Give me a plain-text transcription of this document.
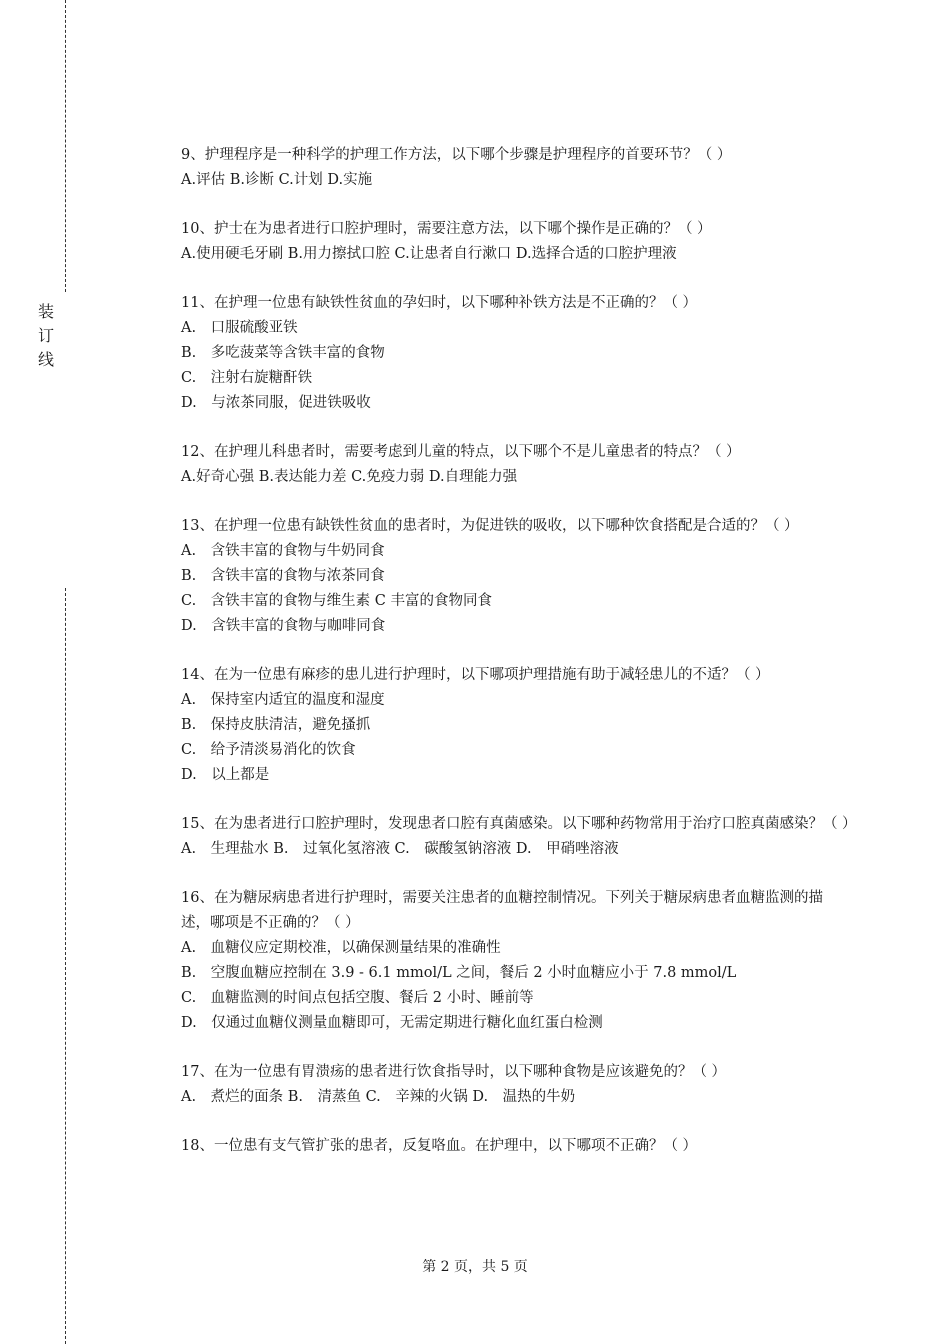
装
订
线

9、护理程序是一种科学的护理工作方法，以下哪个步骤是护理程序的首要环节？（ ）

A.评估 B.诊断 C.计划 D.实施

10、护士在为患者进行口腔护理时，需要注意方法，以下哪个操作是正确的？（ ）

A.使用硬毛牙刷 B.用力擦拭口腔 C.让患者自行漱口 D.选择合适的口腔护理液

11、在护理一位患有缺铁性贫血的孕妇时，以下哪种补铁方法是不正确的？（ ）

A.　口服硫酸亚铁

B.　多吃菠菜等含铁丰富的食物

C.　注射右旋糖酐铁

D.　与浓茶同服，促进铁吸收

12、在护理儿科患者时，需要考虑到儿童的特点，以下哪个不是儿童患者的特点？（ ）

A.好奇心强 B.表达能力差 C.免疫力弱 D.自理能力强

13、在护理一位患有缺铁性贫血的患者时，为促进铁的吸收，以下哪种饮食搭配是合适的？（ ）

A.　含铁丰富的食物与牛奶同食

B.　含铁丰富的食物与浓茶同食

C.　含铁丰富的食物与维生素 C 丰富的食物同食

D.　含铁丰富的食物与咖啡同食

14、在为一位患有麻疹的患儿进行护理时，以下哪项护理措施有助于减轻患儿的不适？（ ）

A.　保持室内适宜的温度和湿度

B.　保持皮肤清洁，避免搔抓

C.　给予清淡易消化的饮食

D.　以上都是

15、在为患者进行口腔护理时，发现患者口腔有真菌感染。以下哪种药物常用于治疗口腔真菌感染？（ ）

A.　生理盐水 B.　过氧化氢溶液 C.　碳酸氢钠溶液 D.　甲硝唑溶液

16、在为糖尿病患者进行护理时，需要关注患者的血糖控制情况。下列关于糖尿病患者血糖监测的描述，哪项是不正确的？（ ）

A.　血糖仪应定期校准，以确保测量结果的准确性

B.　空腹血糖应控制在 3.9 - 6.1 mmol/L 之间，餐后 2 小时血糖应小于 7.8 mmol/L

C.　血糖监测的时间点包括空腹、餐后 2 小时、睡前等

D.　仅通过血糖仪测量血糖即可，无需定期进行糖化血红蛋白检测

17、在为一位患有胃溃疡的患者进行饮食指导时，以下哪种食物是应该避免的？（ ）

A.　煮烂的面条 B.　清蒸鱼 C.　辛辣的火锅 D.　温热的牛奶

18、一位患有支气管扩张的患者，反复咯血。在护理中，以下哪项不正确？（ ）

第 2 页，共 5 页
